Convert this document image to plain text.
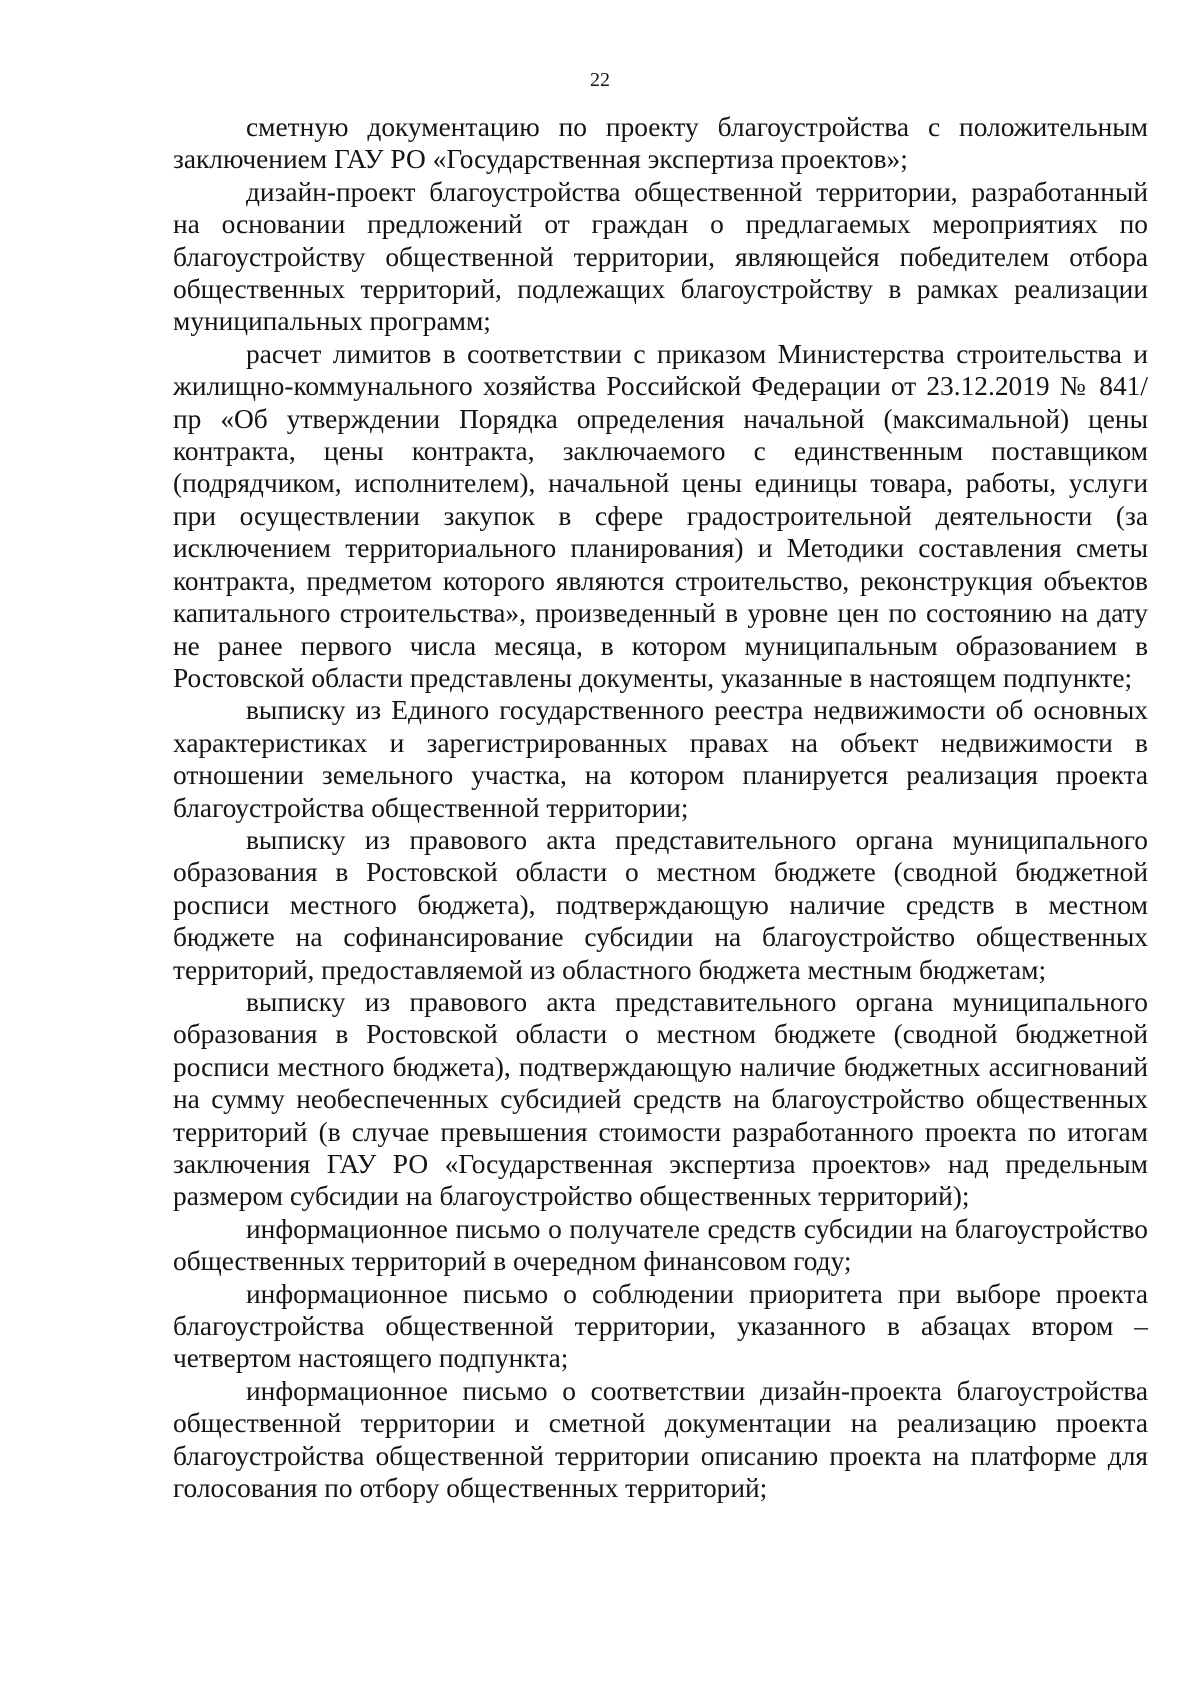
22

сметную документацию по проекту благоустройства с положительным заключением ГАУ РО «Государственная экспертиза проектов»;

дизайн-проект благоустройства общественной территории, разработанный на основании предложений от граждан о предлагаемых мероприятиях по благоустройству общественной территории, являющейся победителем отбора общественных территорий, подлежащих благоустройству в рамках реализации муниципальных программ;

расчет лимитов в соответствии с приказом Министерства строительства и жилищно-коммунального хозяйства Российской Федерации от 23.12.2019 № 841/пр «Об утверждении Порядка определения начальной (максимальной) цены контракта, цены контракта, заключаемого с единственным поставщиком (подрядчиком, исполнителем), начальной цены единицы товара, работы, услуги при осуществлении закупок в сфере градостроительной деятельности (за исключением территориального планирования) и Методики составления сметы контракта, предметом которого являются строительство, реконструкция объектов капитального строительства», произведенный в уровне цен по состоянию на дату не ранее первого числа месяца, в котором муниципальным образованием в Ростовской области представлены документы, указанные в настоящем подпункте;

выписку из Единого государственного реестра недвижимости об основных характеристиках и зарегистрированных правах на объект недвижимости в отношении земельного участка, на котором планируется реализация проекта благоустройства общественной территории;

выписку из правового акта представительного органа муниципального образования в Ростовской области о местном бюджете (сводной бюджетной росписи местного бюджета), подтверждающую наличие средств в местном бюджете на софинансирование субсидии на благоустройство общественных территорий, предоставляемой из областного бюджета местным бюджетам;

выписку из правового акта представительного органа муниципального образования в Ростовской области о местном бюджете (сводной бюджетной росписи местного бюджета), подтверждающую наличие бюджетных ассигнований на сумму необеспеченных субсидией средств на благоустройство общественных территорий (в случае превышения стоимости разработанного проекта по итогам заключения ГАУ РО «Государственная экспертиза проектов» над предельным размером субсидии на благоустройство общественных территорий);

информационное письмо о получателе средств субсидии на благоустройство общественных территорий в очередном финансовом году;

информационное письмо о соблюдении приоритета при выборе проекта благоустройства общественной территории, указанного в абзацах втором – четвертом настоящего подпункта;

информационное письмо о соответствии дизайн-проекта благоустройства общественной территории и сметной документации на реализацию проекта благоустройства общественной территории описанию проекта на платформе для голосования по отбору общественных территорий;
